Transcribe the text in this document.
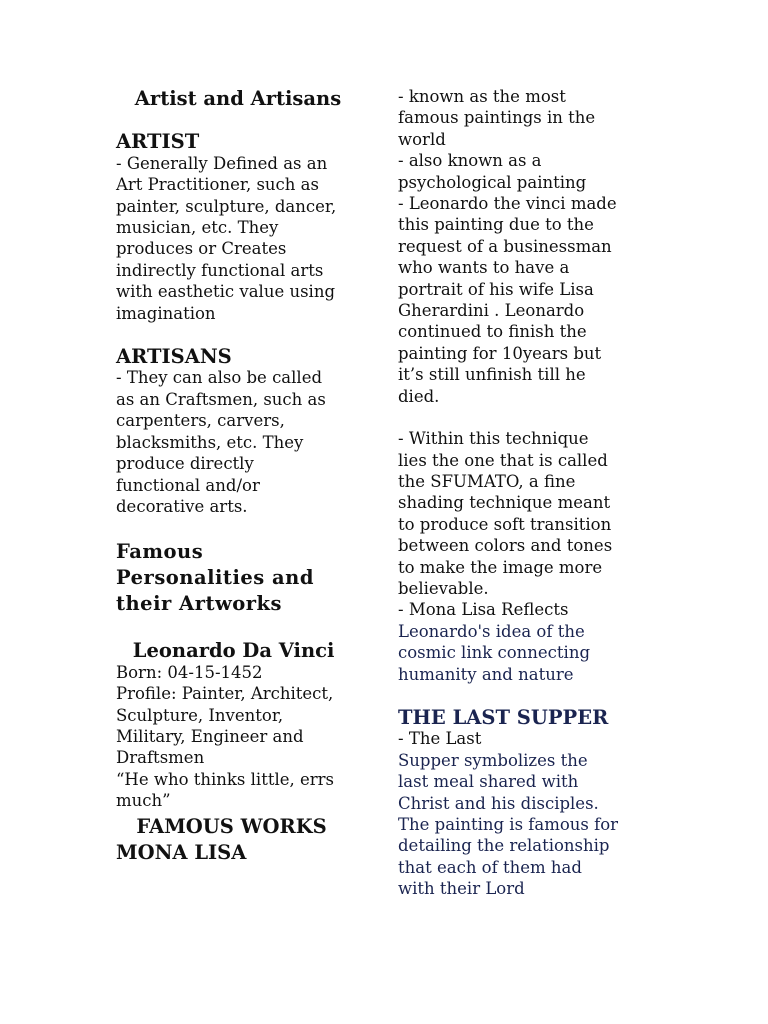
Artist and Artisans
ARTIST
- Generally Defined as an
Art Practitioner, such as
painter, sculpture, dancer,
musician, etc. They
produces or Creates
indirectly functional arts
with easthetic value using
imagination
ARTISANS
- They can also be called
as an Craftsmen, such as
carpenters, carvers,
blacksmiths, etc. They
produce directly
functional and/or
decorative arts.
Famous
Personalities and
their Artworks
Leonardo Da Vinci
Born: 04-15-1452
Profile: Painter, Architect,
Sculpture, Inventor,
Military, Engineer and
Draftsmen
“He who thinks little, errs
much”
FAMOUS WORKS
MONA LISA
- known as the most
famous paintings in the
world
- also known as a
psychological painting
- Leonardo the vinci made
this painting due to the
request of a businessman
who wants to have a
portrait of his wife Lisa
Gherardini . Leonardo
continued to finish the
painting for 10years but
it’s still unfinish till he
died.
- Within this technique
lies the one that is called
the SFUMATO, a fine
shading technique meant
to produce soft transition
between colors and tones
to make the image more
believable.
- Mona Lisa Reflects
Leonardo's idea of the
cosmic link connecting
humanity and nature
THE LAST SUPPER
- The Last
Supper symbolizes the
last meal shared with
Christ and his disciples.
The painting is famous for
detailing the relationship
that each of them had
with their Lord
